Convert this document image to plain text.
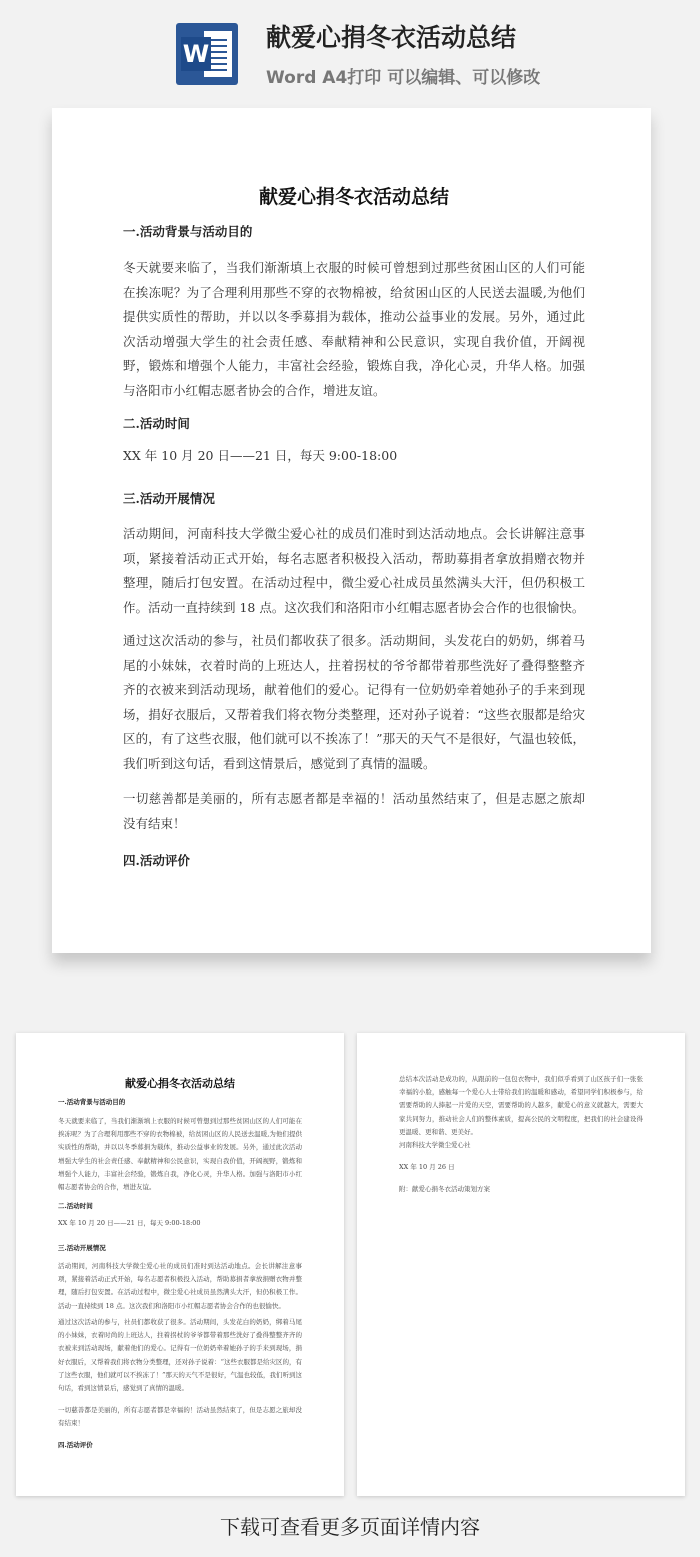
W
献爱心捐冬衣活动总结
Word A4打印 可以编辑、可以修改
献爱心捐冬衣活动总结
一.活动背景与活动目的

冬天就要来临了，当我们渐渐填上衣服的时候可曾想到过那些贫困山区的人们可能在挨冻呢？为了合理利用那些不穿的衣物棉被，给贫困山区的人民送去温暖,为他们提供实质性的帮助，并以以冬季募捐为载体，推动公益事业的发展。另外，通过此次活动增强大学生的社会责任感、奉献精神和公民意识，实现自我价值，开阔视野，锻炼和增强个人能力，丰富社会经验，锻炼自我，净化心灵，升华人格。加强与洛阳市小红帽志愿者协会的合作，增进友谊。

二.活动时间

XX 年 10 月 20 日——21 日，每天 9:00-18:00

三.活动开展情况

活动期间，河南科技大学微尘爱心社的成员们准时到达活动地点。会长讲解注意事项，紧接着活动正式开始，每名志愿者积极投入活动，帮助募捐者拿放捐赠衣物并整理，随后打包安置。在活动过程中，微尘爱心社成员虽然满头大汗，但仍积极工作。活动一直持续到 18 点。这次我们和洛阳市小红帽志愿者协会合作的也很愉快。

通过这次活动的参与，社员们都收获了很多。活动期间，头发花白的奶奶，绑着马尾的小妹妹，衣着时尚的上班达人，拄着拐杖的爷爷都带着那些洗好了叠得整整齐齐的衣被来到活动现场，献着他们的爱心。记得有一位奶奶牵着她孙子的手来到现场，捐好衣服后，又帮着我们将衣物分类整理，还对孙子说着：“这些衣服都是给灾区的，有了这些衣服，他们就可以不挨冻了！”那天的天气不是很好，气温也较低，我们听到这句话，看到这情景后，感觉到了真情的温暖。

一切慈善都是美丽的，所有志愿者都是幸福的！活动虽然结束了，但是志愿之旅却没有结束！

四.活动评价
献爱心捐冬衣活动总结
一.活动背景与活动目的

冬天就要来临了，当我们渐渐填上衣服的时候可曾想到过那些贫困山区的人们可能在挨冻呢？为了合理利用那些不穿的衣物棉被，给贫困山区的人民送去温暖,为他们提供实质性的帮助，并以以冬季募捐为载体，推动公益事业的发展。另外，通过此次活动增强大学生的社会责任感、奉献精神和公民意识，实现自我价值，开阔视野，锻炼和增强个人能力，丰富社会经验，锻炼自我，净化心灵，升华人格。加强与洛阳市小红帽志愿者协会的合作，增进友谊。

二.活动时间

XX 年 10 月 20 日——21 日，每天 9:00-18:00

三.活动开展情况

活动期间，河南科技大学微尘爱心社的成员们准时到达活动地点。会长讲解注意事项，紧接着活动正式开始，每名志愿者积极投入活动，帮助募捐者拿放捐赠衣物并整理，随后打包安置。在活动过程中，微尘爱心社成员虽然满头大汗，但仍积极工作。活动一直持续到 18 点。这次我们和洛阳市小红帽志愿者协会合作的也很愉快。

通过这次活动的参与，社员们都收获了很多。活动期间，头发花白的奶奶，绑着马尾的小妹妹，衣着时尚的上班达人，拄着拐杖的爷爷都带着那些洗好了叠得整整齐齐的衣被来到活动现场，献着他们的爱心。记得有一位奶奶牵着她孙子的手来到现场，捐好衣服后，又帮着我们将衣物分类整理，还对孙子说着：“这些衣服都是给灾区的，有了这些衣服，他们就可以不挨冻了！”那天的天气不是很好，气温也较低，我们听到这句话，看到这情景后，感觉到了真情的温暖。

一切慈善都是美丽的，所有志愿者都是幸福的！活动虽然结束了，但是志愿之旅却没有结束！

四.活动评价

总结本次活动是成功的，从跟前的一包包衣物中，我们似乎看到了山区孩子们一张张幸福的小脸，感触每一个爱心人士带给我们的温暖和感动，希望同学们积极参与，给需要帮助的人捧起一片爱的天空，需要帮助的人越多，献爱心的意义就越大，需要大家共同努力，推动社会人们的整体素质，提高公民的文明程度，把我们的社会建设得更温暖、更和谐、更美好。

河南科技大学微尘爱心社

XX 年 10 月 26 日

附：献爱心捐冬衣活动策划方案

下载可查看更多页面详情内容
